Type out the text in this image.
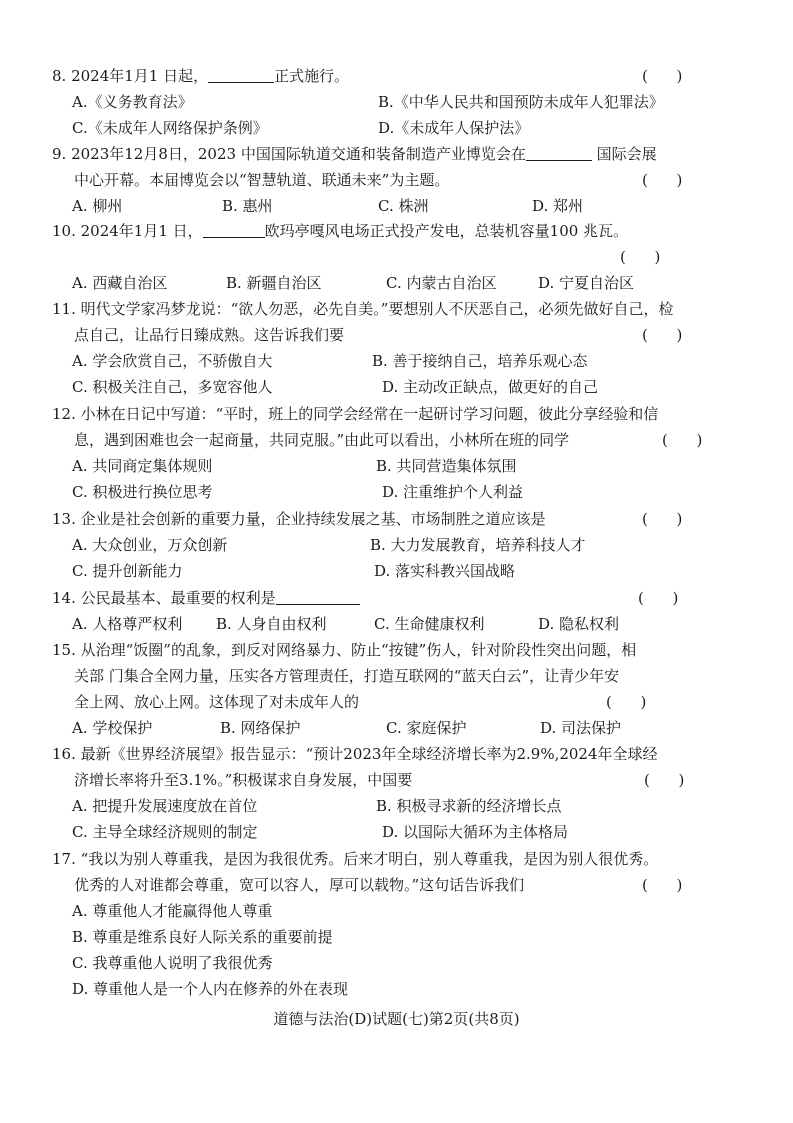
8. 2024年1月1 日起，	正式施行。	(      )
A.《义务教育法》	B.《中华人民共和国预防未成年人犯罪法》
C.《未成年人网络保护条例》	D.《未成年人保护法》
9. 2023年12月8日，2023 中国国际轨道交通和装备制造产业博览会在	国际会展
中心开幕。本届博览会以“智慧轨道、联通未来”为主题。	(      )
A. 柳州	B. 惠州	C. 株洲	D. 郑州
10. 2024年1月1 日，	欧玛亭嘎风电场正式投产发电，总装机容量100 兆瓦。
(      )
A. 西藏自治区	B. 新疆自治区	C. 内蒙古自治区	D. 宁夏自治区
11. 明代文学家冯梦龙说：“欲人勿恶，必先自美。”要想别人不厌恶自己，必须先做好自己，检
点自己，让品行日臻成熟。这告诉我们要	(      )
A. 学会欣赏自己，不骄傲自大	B. 善于接纳自己，培养乐观心态
C. 积极关注自己，多宽容他人	D. 主动改正缺点，做更好的自己
12. 小林在日记中写道：“平时，班上的同学会经常在一起研讨学习问题，彼此分享经验和信
息，遇到困难也会一起商量，共同克服。”由此可以看出，小林所在班的同学	(      )
A. 共同商定集体规则	B. 共同营造集体氛围
C. 积极进行换位思考	D. 注重维护个人利益
13. 企业是社会创新的重要力量，企业持续发展之基、市场制胜之道应该是	(      )
A. 大众创业，万众创新	B. 大力发展教育，培养科技人才
C. 提升创新能力	D. 落实科教兴国战略
14. 公民最基本、最重要的权利是	(      )
A. 人格尊严权利 B. 人身自由权利	C. 生命健康权利	D. 隐私权利
15. 从治理“饭圈”的乱象，到反对网络暴力、防止“按键”伤人，针对阶段性突出问题，相
关部 门集合全网力量，压实各方管理责任，打造互联网的“蓝天白云”，让青少年安
全上网、放心上网。这体现了对未成年人的	(      )
A. 学校保护	B. 网络保护	C. 家庭保护	D. 司法保护
16. 最新《世界经济展望》报告显示：“预计2023年全球经济增长率为2.9%,2024年全球经
济增长率将升至3.1%。”积极谋求自身发展，中国要	(      )
A. 把提升发展速度放在首位	B. 积极寻求新的经济增长点
C. 主导全球经济规则的制定	D. 以国际大循环为主体格局
17. “我以为别人尊重我，是因为我很优秀。后来才明白，别人尊重我，是因为别人很优秀。
优秀的人对谁都会尊重，宽可以容人，厚可以载物。”这句话告诉我们	(      )
A. 尊重他人才能赢得他人尊重
B. 尊重是维系良好人际关系的重要前提
C. 我尊重他人说明了我很优秀
D. 尊重他人是一个人内在修养的外在表现
道德与法治(D)试题(七)第2页(共8页)
